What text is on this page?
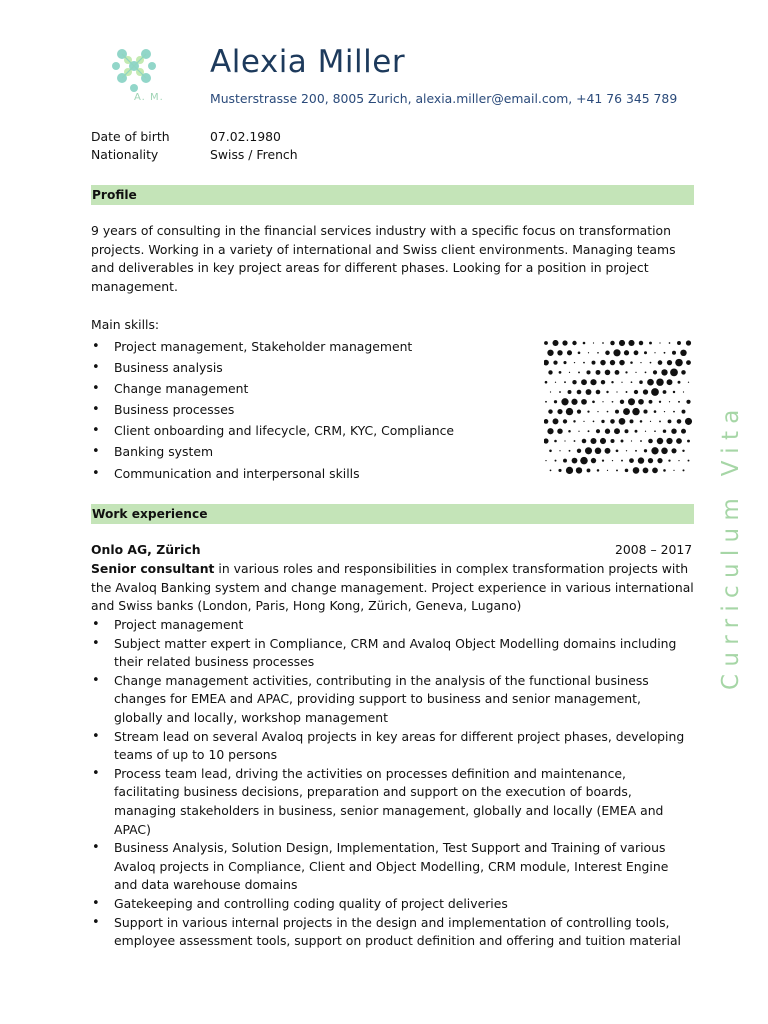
A. M.
Alexia Miller
Musterstrasse 200, 8005 Zurich, alexia.miller@email.com, +41 76 345 789
Date of birth	07.02.1980
Nationality	Swiss / French
Profile
9 years of consulting in the financial services industry with a specific focus on transformation
projects. Working in a variety of international and Swiss client environments. Managing teams
and deliverables in key project areas for different phases. Looking for a position in project
management.
Main skills:
• Project management, Stakeholder management
• Business analysis
• Change management
• Business processes
• Client onboarding and lifecycle, CRM, KYC, Compliance
• Banking system
• Communication and interpersonal skills
Work experience
Onlo AG, Zürich	2008 – 2017
Senior consultant in various roles and responsibilities in complex transformation projects with
the Avaloq Banking system and change management. Project experience in various international
and Swiss banks (London, Paris, Hong Kong, Zürich, Geneva, Lugano)
• Project management
• Subject matter expert in Compliance, CRM and Avaloq Object Modelling domains including
their related business processes
• Change management activities, contributing in the analysis of the functional business
changes for EMEA and APAC, providing support to business and senior management,
globally and locally, workshop management
• Stream lead on several Avaloq projects in key areas for different project phases, developing
teams of up to 10 persons
• Process team lead, driving the activities on processes definition and maintenance,
facilitating business decisions, preparation and support on the execution of boards,
managing stakeholders in business, senior management, globally and locally (EMEA and
APAC)
• Business Analysis, Solution Design, Implementation, Test Support and Training of various
Avaloq projects in Compliance, Client and Object Modelling, CRM module, Interest Engine
and data warehouse domains
• Gatekeeping and controlling coding quality of project deliveries
• Support in various internal projects in the design and implementation of controlling tools,
employee assessment tools, support on product definition and offering and tuition material
Curriculum Vita
